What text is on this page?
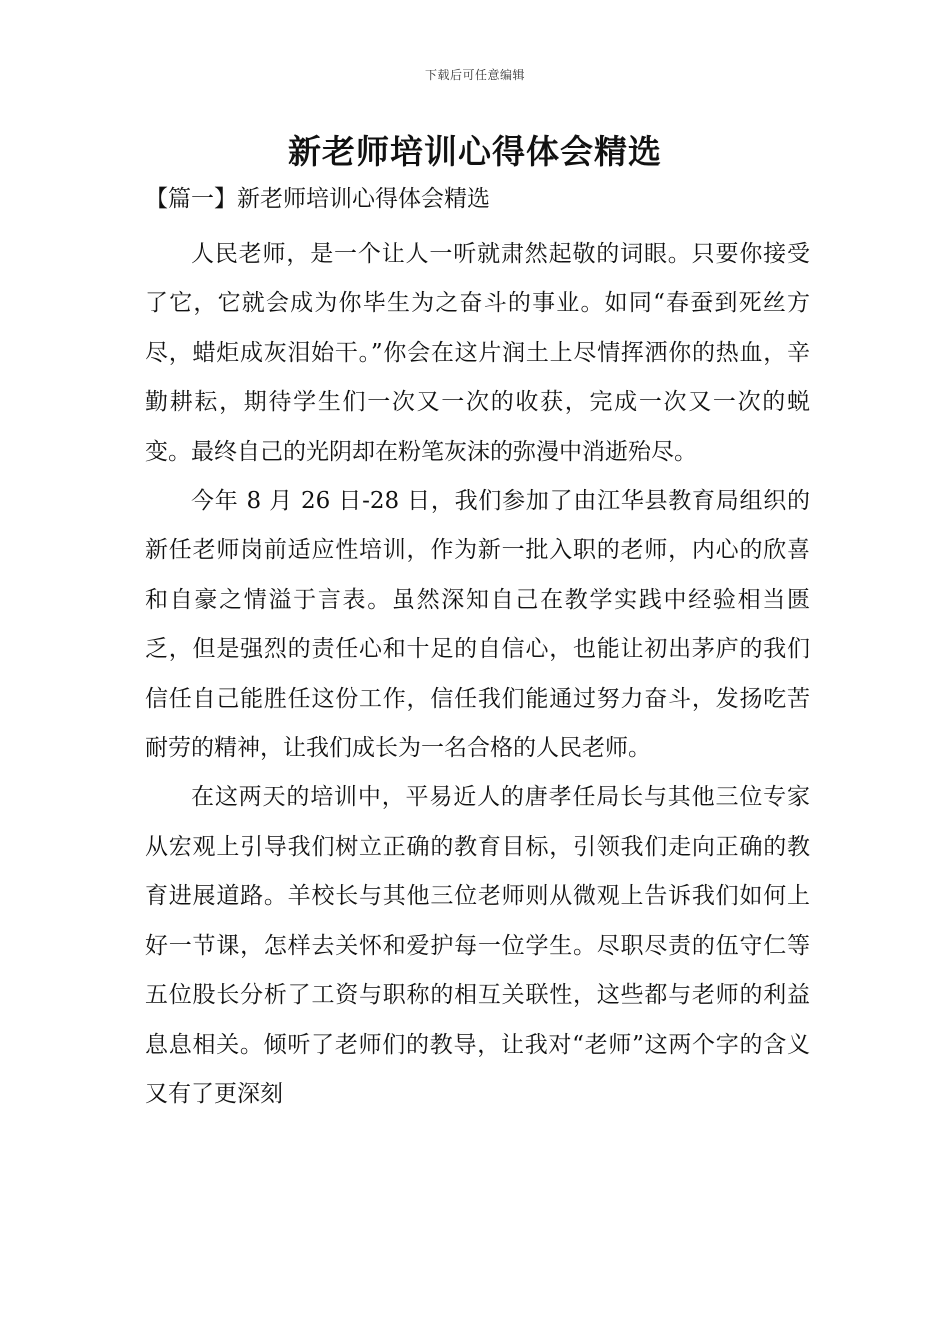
下载后可任意编辑
新老师培训心得体会精选
【篇一】新老师培训心得体会精选

人民老师，是一个让人一听就肃然起敬的词眼。只要你接受了它，它就会成为你毕生为之奋斗的事业。如同“春蚕到死丝方尽，蜡炬成灰泪始干。”你会在这片润土上尽情挥洒你的热血，辛勤耕耘，期待学生们一次又一次的收获，完成一次又一次的蜕变。最终自己的光阴却在粉笔灰沫的弥漫中消逝殆尽。

今年 8 月 26 日-28 日，我们参加了由江华县教育局组织的新任老师岗前适应性培训，作为新一批入职的老师，内心的欣喜和自豪之情溢于言表。虽然深知自己在教学实践中经验相当匮乏，但是强烈的责任心和十足的自信心，也能让初出茅庐的我们信任自己能胜任这份工作，信任我们能通过努力奋斗，发扬吃苦耐劳的精神，让我们成长为一名合格的人民老师。

在这两天的培训中，平易近人的唐孝任局长与其他三位专家从宏观上引导我们树立正确的教育目标，引领我们走向正确的教育进展道路。羊校长与其他三位老师则从微观上告诉我们如何上好一节课，怎样去关怀和爱护每一位学生。尽职尽责的伍守仁等五位股长分析了工资与职称的相互关联性，这些都与老师的利益息息相关。倾听了老师们的教导，让我对“老师”这两个字的含义又有了更深刻
